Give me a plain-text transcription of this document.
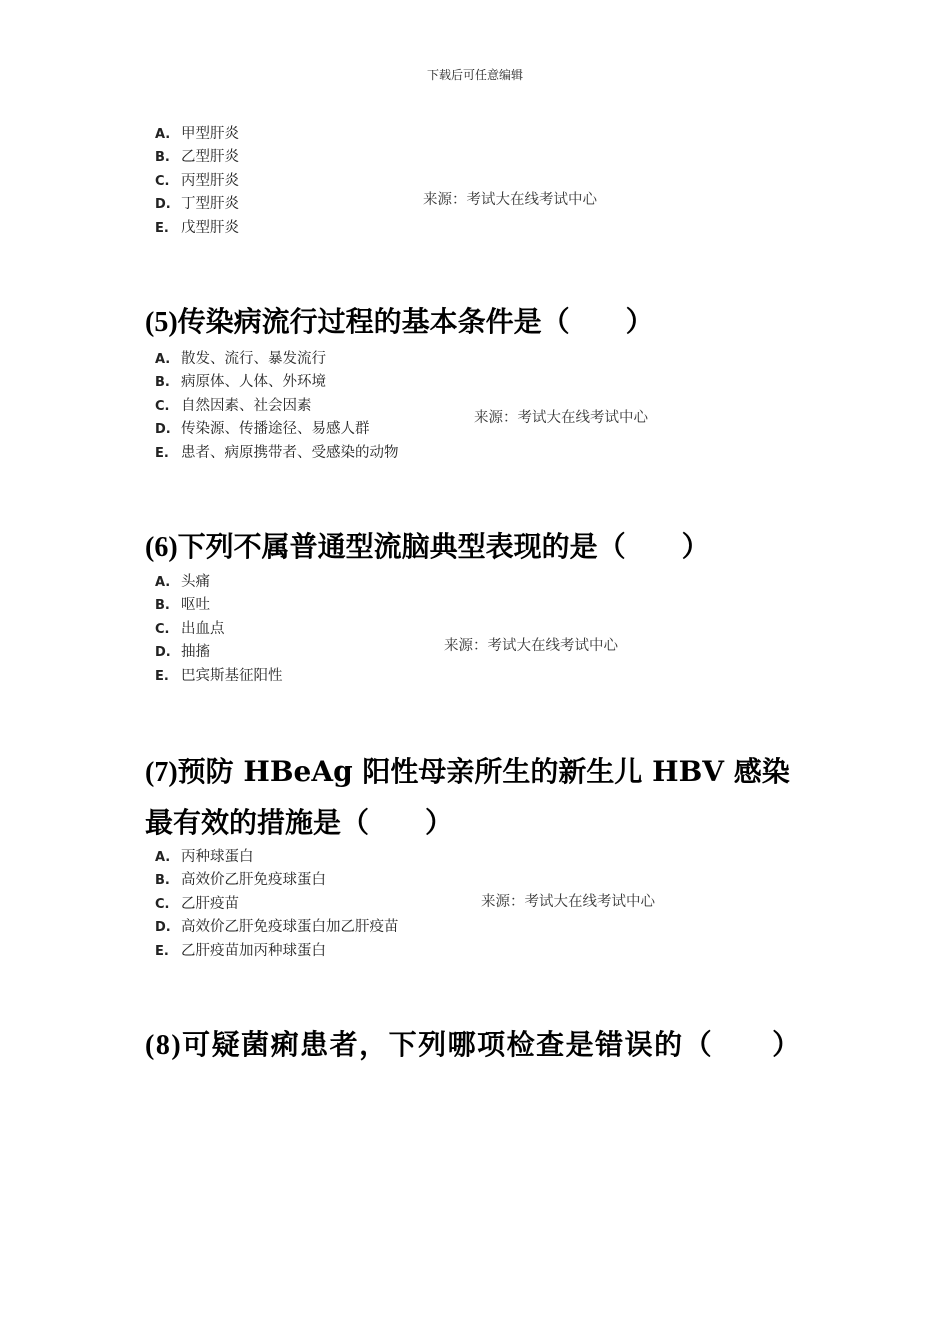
下载后可任意编辑
A. 甲型肝炎
B. 乙型肝炎
C. 丙型肝炎
D. 丁型肝炎
E. 戊型肝炎
来源：考试大在线考试中心
(5)传染病流行过程的基本条件是（　　）
A. 散发、流行、暴发流行
B. 病原体、人体、外环境
C. 自然因素、社会因素
D. 传染源、传播途径、易感人群
E. 患者、病原携带者、受感染的动物
来源：考试大在线考试中心
(6)下列不属普通型流脑典型表现的是（　　）
A. 头痛
B. 呕吐
C. 出血点
D. 抽搐
E. 巴宾斯基征阳性
来源：考试大在线考试中心
(7)预防 HBeAg 阳性母亲所生的新生儿 HBV 感染最有效的措施是（　　）
A. 丙种球蛋白
B. 高效价乙肝免疫球蛋白
C. 乙肝疫苗
D. 高效价乙肝免疫球蛋白加乙肝疫苗
E. 乙肝疫苗加丙种球蛋白
来源：考试大在线考试中心
(8)可疑菌痢患者，下列哪项检查是错误的（　　）
